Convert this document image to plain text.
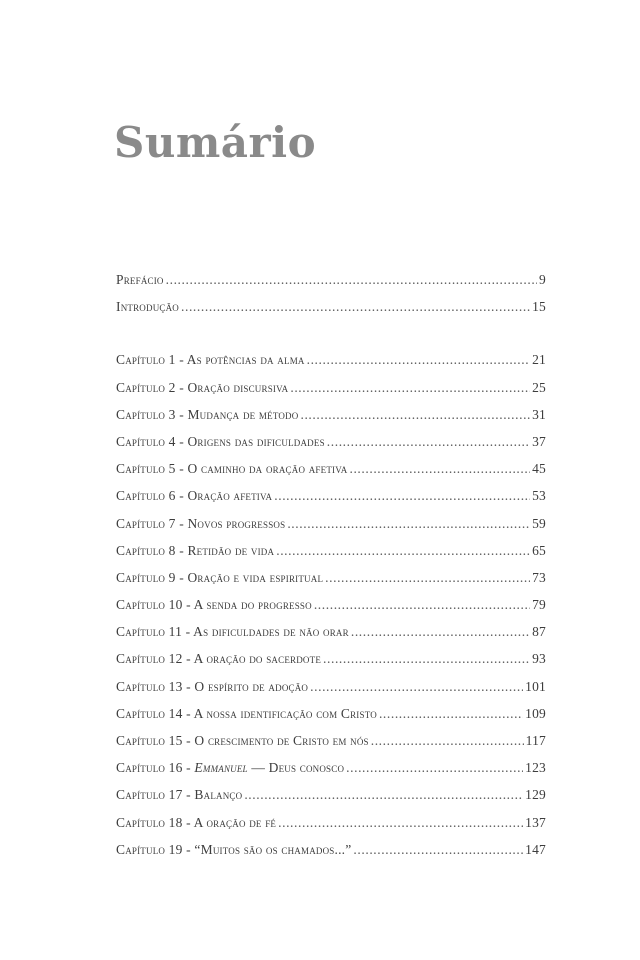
Sumário
Prefácio .....	9
Introdução .....	15
Capítulo 1 - As potências da alma .....	21
Capítulo 2 - Oração discursiva .....	25
Capítulo 3 - Mudança de método .....	31
Capítulo 4 - Origens das dificuldades .....	37
Capítulo 5 - O caminho da oração afetiva .....	45
Capítulo 6 - Oração afetiva .....	53
Capítulo 7 - Novos progressos .....	59
Capítulo 8 - Retidão de vida .....	65
Capítulo 9 - Oração e vida espiritual .....	73
Capítulo 10 - A senda do progresso .....	79
Capítulo 11 - As dificuldades de não orar .....	87
Capítulo 12 - A oração do sacerdote .....	93
Capítulo 13 - O espírito de adoção .....	101
Capítulo 14 - A nossa identificação com Cristo .....	109
Capítulo 15 - O crescimento de Cristo em nós .....	117
Capítulo 16 - Emmanuel — Deus conosco .....	123
Capítulo 17 - Balanço .....	129
Capítulo 18 - A oração de fé .....	137
Capítulo 19 - “Muitos são os chamados...” .....	147
